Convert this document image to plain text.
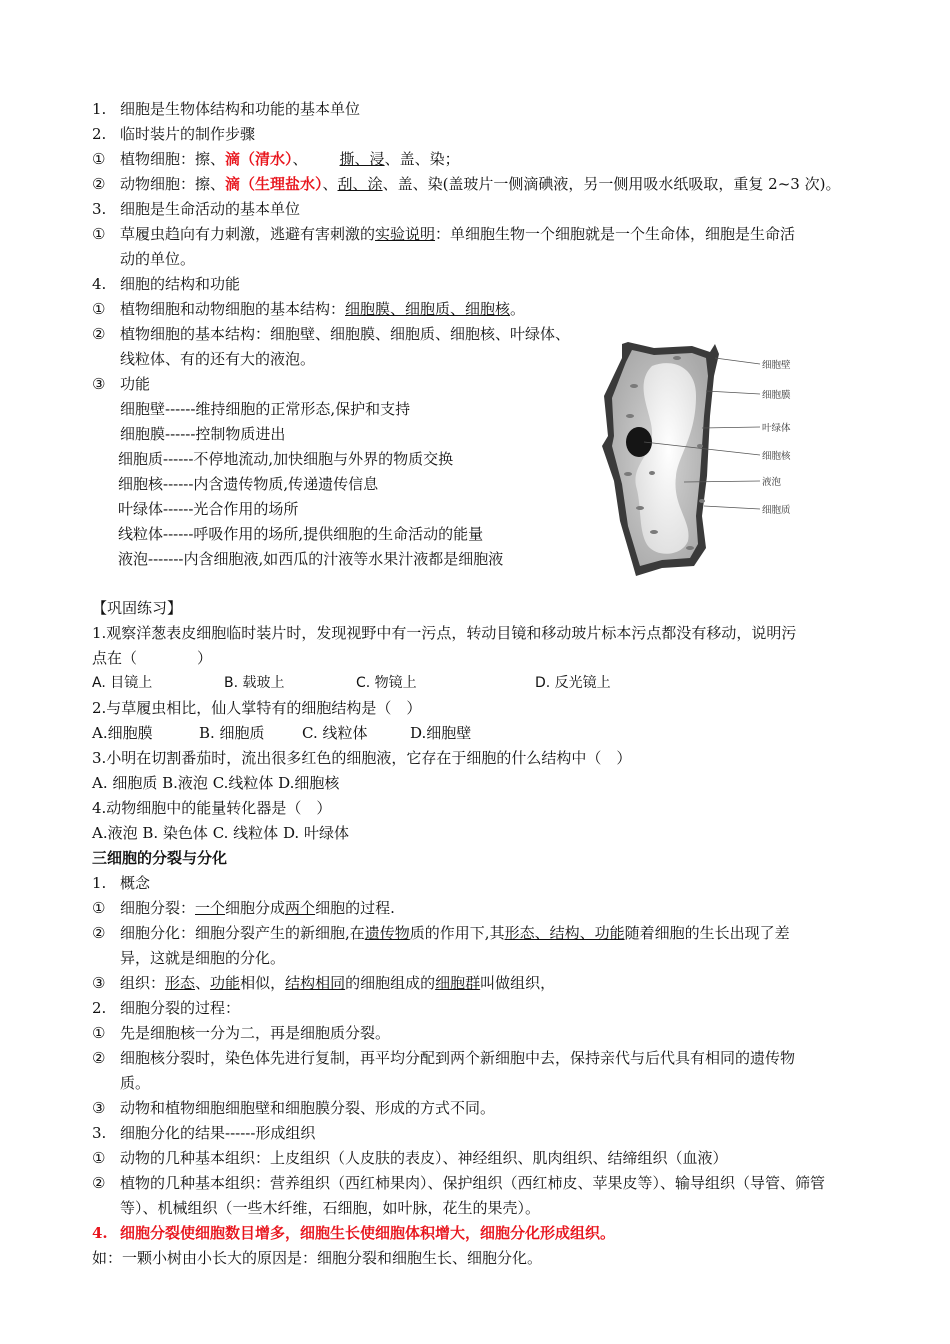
1. 细胞是生物体结构和功能的基本单位
2. 临时装片的制作步骤
① 植物细胞：擦、滴（清水）、 撕、浸、盖、染；
② 动物细胞：擦、滴（生理盐水）、刮、涂、盖、染(盖玻片一侧滴碘液，另一侧用吸水纸吸取，重复 2~3 次)。
3. 细胞是生命活动的基本单位
① 草履虫趋向有力刺激，逃避有害刺激的实验说明：单细胞生物一个细胞就是一个生命体，细胞是生命活
动的单位。
4. 细胞的结构和功能
① 植物细胞和动物细胞的基本结构：细胞膜、细胞质、细胞核。
② 植物细胞的基本结构：细胞壁、细胞膜、细胞质、细胞核、叶绿体、
线粒体、有的还有大的液泡。
③ 功能
细胞壁------维持细胞的正常形态,保护和支持
细胞膜------控制物质进出
细胞质------不停地流动,加快细胞与外界的物质交换
细胞核------内含遗传物质,传递遗传信息
叶绿体------光合作用的场所
线粒体------呼吸作用的场所,提供细胞的生命活动的能量
液泡-------内含细胞液,如西瓜的汁液等水果汁液都是细胞液
细胞壁
细胞膜
叶绿体
细胞核
液泡
细胞质
【巩固练习】
1.观察洋葱表皮细胞临时装片时，发现视野中有一污点，转动目镜和移动玻片标本污点都没有移动，说明污
点在（　　　　）
A. 目镜上	B. 载玻上	C. 物镜上	D. 反光镜上
2.与草履虫相比，仙人掌特有的细胞结构是（　）
A.细胞膜	B. 细胞质 C. 线粒体	D.细胞壁
3.小明在切割番茄时，流出很多红色的细胞液，它存在于细胞的什么结构中（　）
A. 细胞质 B.液泡 C.线粒体 D.细胞核
4.动物细胞中的能量转化器是（　）
A.液泡 B. 染色体 C. 线粒体 D. 叶绿体
三细胞的分裂与分化
1. 概念
① 细胞分裂：一个细胞分成两个细胞的过程.
② 细胞分化：细胞分裂产生的新细胞,在遗传物质的作用下,其形态、结构、功能随着细胞的生长出现了差
异，这就是细胞的分化。
③ 组织：形态、功能相似，结构相同的细胞组成的细胞群叫做组织，
2. 细胞分裂的过程：
① 先是细胞核一分为二，再是细胞质分裂。
② 细胞核分裂时，染色体先进行复制，再平均分配到两个新细胞中去，保持亲代与后代具有相同的遗传物
质。
③ 动物和植物细胞细胞壁和细胞膜分裂、形成的方式不同。
3. 细胞分化的结果------形成组织
① 动物的几种基本组织：上皮组织（人皮肤的表皮）、神经组织、肌肉组织、结缔组织（血液）
② 植物的几种基本组织：营养组织（西红柿果肉）、保护组织（西红柿皮、苹果皮等）、输导组织（导管、筛管
等）、机械组织（一些木纤维，石细胞，如叶脉，花生的果壳）。
4. 细胞分裂使细胞数目增多，细胞生长使细胞体积增大，细胞分化形成组织。
如：一颗小树由小长大的原因是：细胞分裂和细胞生长、细胞分化。
